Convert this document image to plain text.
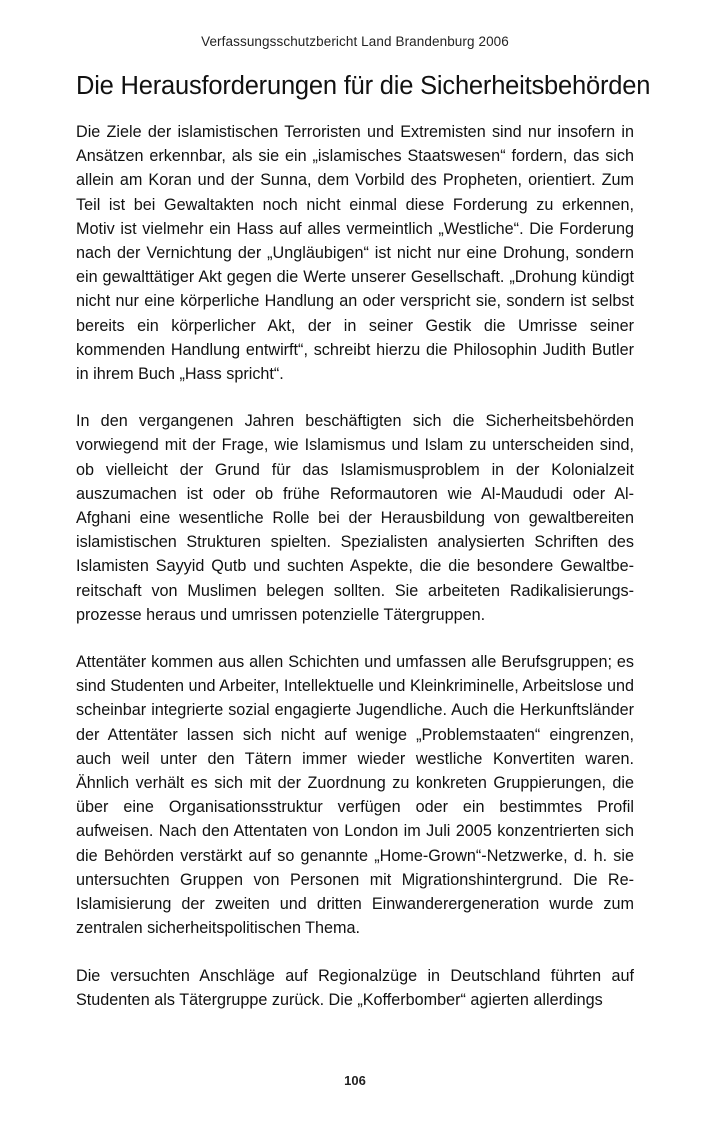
Verfassungsschutzbericht Land Brandenburg 2006
Die Herausforderungen für die Sicherheitsbehörden

Die Ziele der islamistischen Terroristen und Extremisten sind nur insofern in Ansätzen erkennbar, als sie ein „islamisches Staatswesen“ fordern, das sich allein am Koran und der Sunna, dem Vorbild des Propheten, orientiert. Zum Teil ist bei Gewaltakten noch nicht einmal diese Forderung zu erkennen, Motiv ist vielmehr ein Hass auf alles vermeintlich „Westliche“. Die Forderung nach der Vernichtung der „Ungläubigen“ ist nicht nur eine Drohung, sondern ein gewalttätiger Akt gegen die Werte unserer Gesellschaft. „Drohung kündigt nicht nur eine körperliche Handlung an oder verspricht sie, sondern ist selbst bereits ein körperlicher Akt, der in seiner Gestik die Umrisse seiner kommenden Handlung entwirft“, schreibt hierzu die Philosophin Judith Butler in ihrem Buch „Hass spricht“.

In den vergangenen Jahren beschäftigten sich die Sicherheitsbehörden vorwiegend mit der Frage, wie Islamismus und Islam zu unterscheiden sind, ob vielleicht der Grund für das Islamismusproblem in der Kolonialzeit auszumachen ist oder ob frühe Reformautoren wie Al-Maududi oder Al-Afghani eine wesentliche Rolle bei der Herausbildung von gewaltbereiten islamistischen Strukturen spielten. Spezialisten analysierten Schriften des Islamisten Sayyid Qutb und suchten Aspekte, die die besondere Gewaltbereitschaft von Muslimen belegen sollten. Sie arbeiteten Radikalisierungsprozesse heraus und umrissen potenzielle Tätergruppen.

Attentäter kommen aus allen Schichten und umfassen alle Berufsgruppen; es sind Studenten und Arbeiter, Intellektuelle und Kleinkriminelle, Arbeitslose und scheinbar integrierte sozial engagierte Jugendliche. Auch die Herkunftsländer der Attentäter lassen sich nicht auf wenige „Problemstaaten“ eingrenzen, auch weil unter den Tätern immer wieder westliche Konvertiten waren. Ähnlich verhält es sich mit der Zuordnung zu konkreten Gruppierungen, die über eine Organisationsstruktur verfügen oder ein bestimmtes Profil aufweisen. Nach den Attentaten von London im Juli 2005 konzentrierten sich die Behörden verstärkt auf so genannte „Home-Grown“-Netzwerke, d. h. sie untersuchten Gruppen von Personen mit Migrationshintergrund. Die Re-Islamisierung der zweiten und dritten Einwanderergeneration wurde zum zentralen sicherheitspolitischen Thema.

Die versuchten Anschläge auf Regionalzüge in Deutschland führten auf Studenten als Tätergruppe zurück. Die „Kofferbomber“ agierten allerdings

106
